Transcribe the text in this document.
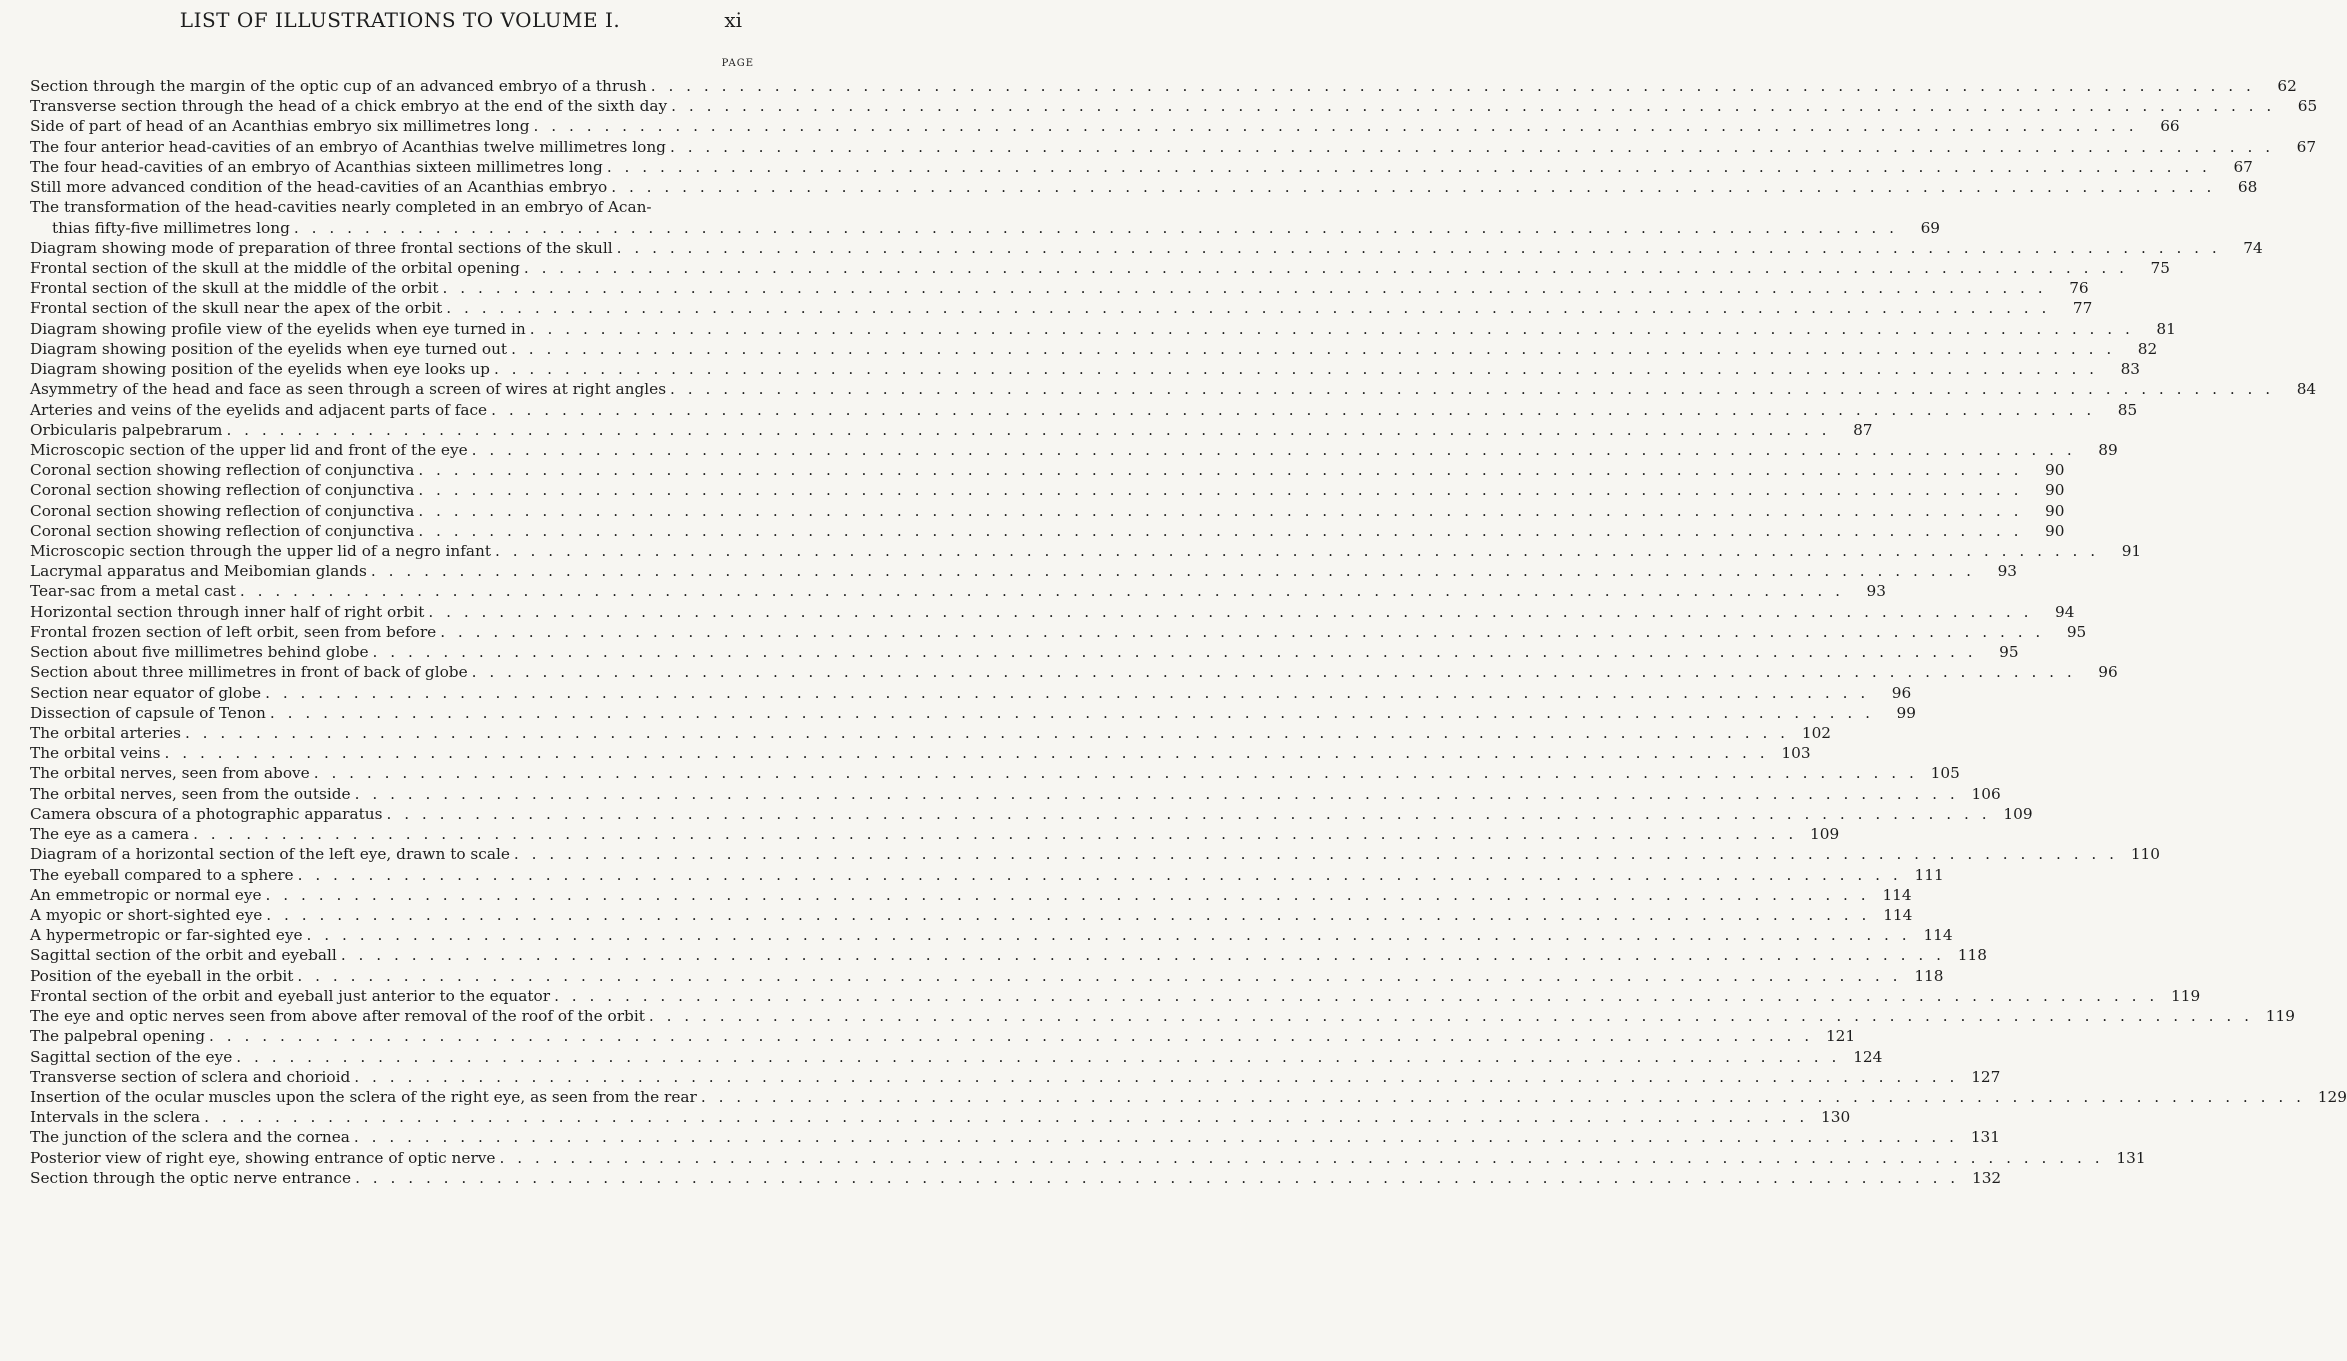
LIST OF ILLUSTRATIONS TO VOLUME I.	xi
PAGE
Section through the margin of the optic cup of an advanced embryo of a thrush . . .	62
Transverse section through the head of a chick embryo at the end of the sixth day . . .	65
Side of part of head of an Acanthias embryo six millimetres long . . .	66
The four anterior head-cavities of an embryo of Acanthias twelve millimetres long . . .	67
The four head-cavities of an embryo of Acanthias sixteen millimetres long . . .	67
Still more advanced condition of the head-cavities of an Acanthias embryo . . .	68
The transformation of the head-cavities nearly completed in an embryo of Acan-
thias fifty-five millimetres long . . .	69
Diagram showing mode of preparation of three frontal sections of the skull . . .	74
Frontal section of the skull at the middle of the orbital opening . . .	75
Frontal section of the skull at the middle of the orbit . . .	76
Frontal section of the skull near the apex of the orbit . . .	77
Diagram showing profile view of the eyelids when eye turned in . . .	81
Diagram showing position of the eyelids when eye turned out . . .	82
Diagram showing position of the eyelids when eye looks up . . .	83
Asymmetry of the head and face as seen through a screen of wires at right angles . . .	84
Arteries and veins of the eyelids and adjacent parts of face . . .	85
Orbicularis palpebrarum . . .	87
Microscopic section of the upper lid and front of the eye . . .	89
Coronal section showing reflection of conjunctiva . . .	90
Coronal section showing reflection of conjunctiva . . .	90
Coronal section showing reflection of conjunctiva . . .	90
Coronal section showing reflection of conjunctiva . . .	90
Microscopic section through the upper lid of a negro infant . . .	91
Lacrymal apparatus and Meibomian glands . . .	93
Tear-sac from a metal cast . . .	93
Horizontal section through inner half of right orbit . . .	94
Frontal frozen section of left orbit, seen from before . . .	95
Section about five millimetres behind globe . . .	95
Section about three millimetres in front of back of globe . . .	96
Section near equator of globe . . .	96
Dissection of capsule of Tenon . . .	99
The orbital arteries . . .	102
The orbital veins . . .	103
The orbital nerves, seen from above . . .	105
The orbital nerves, seen from the outside . . .	106
Camera obscura of a photographic apparatus . . .	109
The eye as a camera . . .	109
Diagram of a horizontal section of the left eye, drawn to scale . . .	110
The eyeball compared to a sphere . . .	111
An emmetropic or normal eye . . .	114
A myopic or short-sighted eye . . .	114
A hypermetropic or far-sighted eye . . .	114
Sagittal section of the orbit and eyeball . . .	118
Position of the eyeball in the orbit . . .	118
Frontal section of the orbit and eyeball just anterior to the equator . . .	119
The eye and optic nerves seen from above after removal of the roof of the orbit . . .	119
The palpebral opening . . .	121
Sagittal section of the eye . . .	124
Transverse section of sclera and chorioid . . .	127
Insertion of the ocular muscles upon the sclera of the right eye, as seen from the rear . . .	129
Intervals in the sclera . . .	130
The junction of the sclera and the cornea . . .	131
Posterior view of right eye, showing entrance of optic nerve . . .	131
Section through the optic nerve entrance . . .	132
